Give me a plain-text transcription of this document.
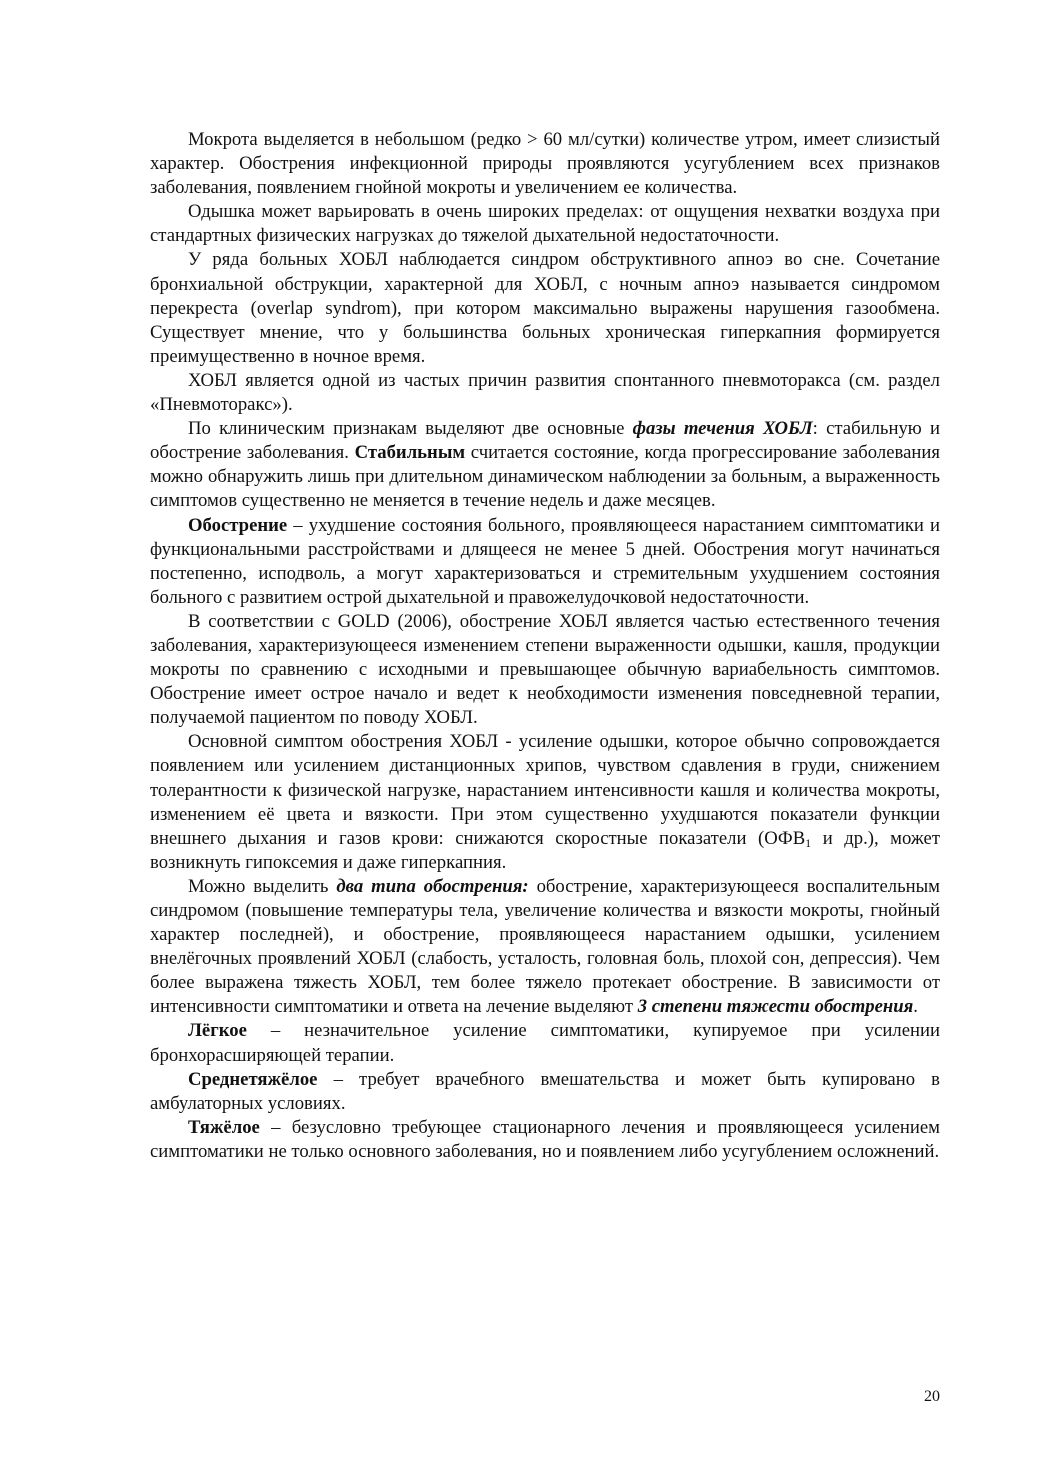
Мокрота выделяется в небольшом (редко > 60 мл/сутки) количестве утром, имеет слизистый характер. Обострения инфекционной природы проявляются усугублением всех признаков заболевания, появлением гнойной мокроты и увеличением ее количества.

Одышка может варьировать в очень широких пределах: от ощущения нехватки воздуха при стандартных физических нагрузках до тяжелой дыхательной недостаточности.

У ряда больных ХОБЛ наблюдается синдром обструктивного апноэ во сне. Сочетание бронхиальной обструкции, характерной для ХОБЛ, с ночным апноэ называется синдромом перекреста (overlap syndrom), при котором максимально выражены нарушения газообмена. Существует мнение, что у большинства больных хроническая гиперкапния формируется преимущественно в ночное время.

ХОБЛ является одной из частых причин развития спонтанного пневмоторакса (см. раздел «Пневмоторакс»).

По клиническим признакам выделяют две основные фазы течения ХОБЛ: стабильную и обострение заболевания. Стабильным считается состояние, когда прогрессирование заболевания можно обнаружить лишь при длительном динамическом наблюдении за больным, а выраженность симптомов существенно не меняется в течение недель и даже месяцев.

Обострение – ухудшение состояния больного, проявляющееся нарастанием симптоматики и функциональными расстройствами и длящееся не менее 5 дней. Обострения могут начинаться постепенно, исподволь, а могут характеризоваться и стремительным ухудшением состояния больного с развитием острой дыхательной и правожелудочковой недостаточности.

В соответствии с GOLD (2006), обострение ХОБЛ является частью естественного течения заболевания, характеризующееся изменением степени выраженности одышки, кашля, продукции мокроты по сравнению с исходными и превышающее обычную вариабельность симптомов. Обострение имеет острое начало и ведет к необходимости изменения повседневной терапии, получаемой пациентом по поводу ХОБЛ.

Основной симптом обострения ХОБЛ - усиление одышки, которое обычно сопровождается появлением или усилением дистанционных хрипов, чувством сдавления в груди, снижением толерантности к физической нагрузке, нарастанием интенсивности кашля и количества мокроты, изменением её цвета и вязкости. При этом существенно ухудшаются показатели функции внешнего дыхания и газов крови: снижаются скоростные показатели ($ОФВ_1$ и др.), может возникнуть гипоксемия и даже гиперкапния.

Можно выделить два типа обострения: обострение, характеризующееся воспалительным синдромом (повышение температуры тела, увеличение количества и вязкости мокроты, гнойный характер последней), и обострение, проявляющееся нарастанием одышки, усилением внелёгочных проявлений ХОБЛ (слабость, усталость, головная боль, плохой сон, депрессия). Чем более выражена тяжесть ХОБЛ, тем более тяжело протекает обострение. В зависимости от интенсивности симптоматики и ответа на лечение выделяют 3 степени тяжести обострения.

Лёгкое – незначительное усиление симптоматики, купируемое при усилении бронхорасширяющей терапии.

Среднетяжёлое – требует врачебного вмешательства и может быть купировано в амбулаторных условиях.

Тяжёлое – безусловно требующее стационарного лечения и проявляющееся усилением симптоматики не только основного заболевания, но и появлением либо усугублением осложнений.

20
